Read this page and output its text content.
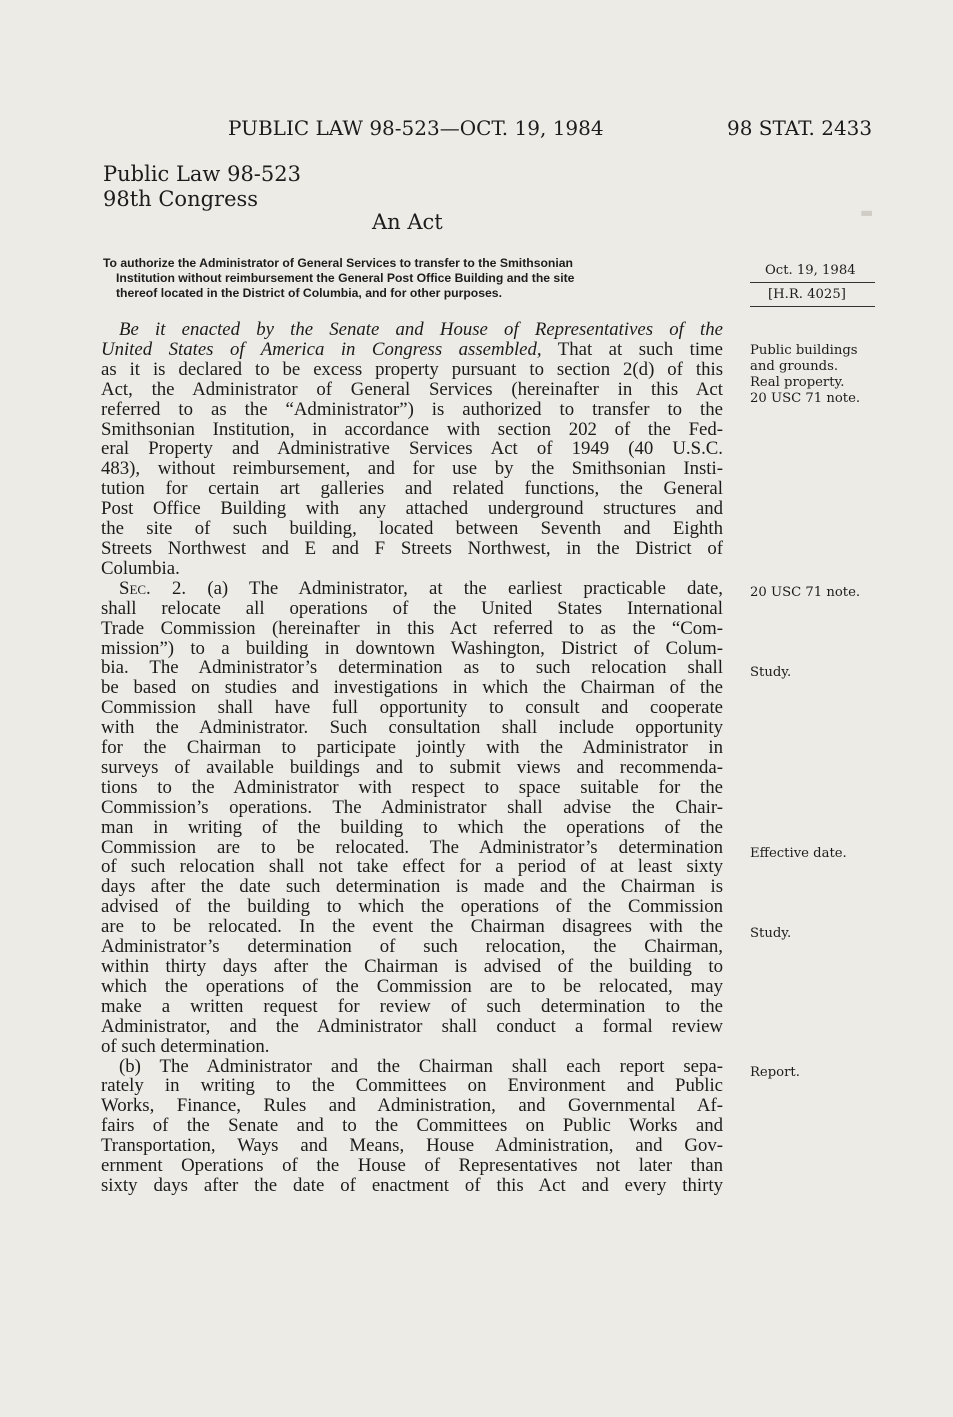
▬
PUBLIC LAW 98-523—OCT. 19, 1984	98 STAT. 2433
Public Law 98-523
98th Congress
An Act
To authorize the Administrator of General Services to transfer to the Smithsonian
Institution without reimbursement the General Post Office Building and the site
thereof located in the District of Columbia, and for other purposes.
Be it enacted by the Senate and House of Representatives of the
United States of America in Congress assembled, That at such time
as it is declared to be excess property pursuant to section 2(d) of this
Act, the Administrator of General Services (hereinafter in this Act
referred to as the “Administrator”) is authorized to transfer to the
Smithsonian Institution, in accordance with section 202 of the Fed-
eral Property and Administrative Services Act of 1949 (40 U.S.C.
483), without reimbursement, and for use by the Smithsonian Insti-
tution for certain art galleries and related functions, the General
Post Office Building with any attached underground structures and
the site of such building, located between Seventh and Eighth
Streets Northwest and E and F Streets Northwest, in the District of
Columbia.
Sec. 2. (a) The Administrator, at the earliest practicable date,
shall relocate all operations of the United States International
Trade Commission (hereinafter in this Act referred to as the “Com-
mission”) to a building in downtown Washington, District of Colum-
bia. The Administrator’s determination as to such relocation shall
be based on studies and investigations in which the Chairman of the
Commission shall have full opportunity to consult and cooperate
with the Administrator. Such consultation shall include opportunity
for the Chairman to participate jointly with the Administrator in
surveys of available buildings and to submit views and recommenda-
tions to the Administrator with respect to space suitable for the
Commission’s operations. The Administrator shall advise the Chair-
man in writing of the building to which the operations of the
Commission are to be relocated. The Administrator’s determination
of such relocation shall not take effect for a period of at least sixty
days after the date such determination is made and the Chairman is
advised of the building to which the operations of the Commission
are to be relocated. In the event the Chairman disagrees with the
Administrator’s determination of such relocation, the Chairman,
within thirty days after the Chairman is advised of the building to
which the operations of the Commission are to be relocated, may
make a written request for review of such determination to the
Administrator, and the Administrator shall conduct a formal review
of such determination.
(b) The Administrator and the Chairman shall each report sepa-
rately in writing to the Committees on Environment and Public
Works, Finance, Rules and Administration, and Governmental Af-
fairs of the Senate and to the Committees on Public Works and
Transportation, Ways and Means, House Administration, and Gov-
ernment Operations of the House of Representatives not later than
sixty days after the date of enactment of this Act and every thirty
Oct. 19, 1984
[H.R. 4025]
Public buildings
and grounds.
Real property.
20 USC 71 note.
20 USC 71 note.
Study.
Effective date.
Study.
Report.
